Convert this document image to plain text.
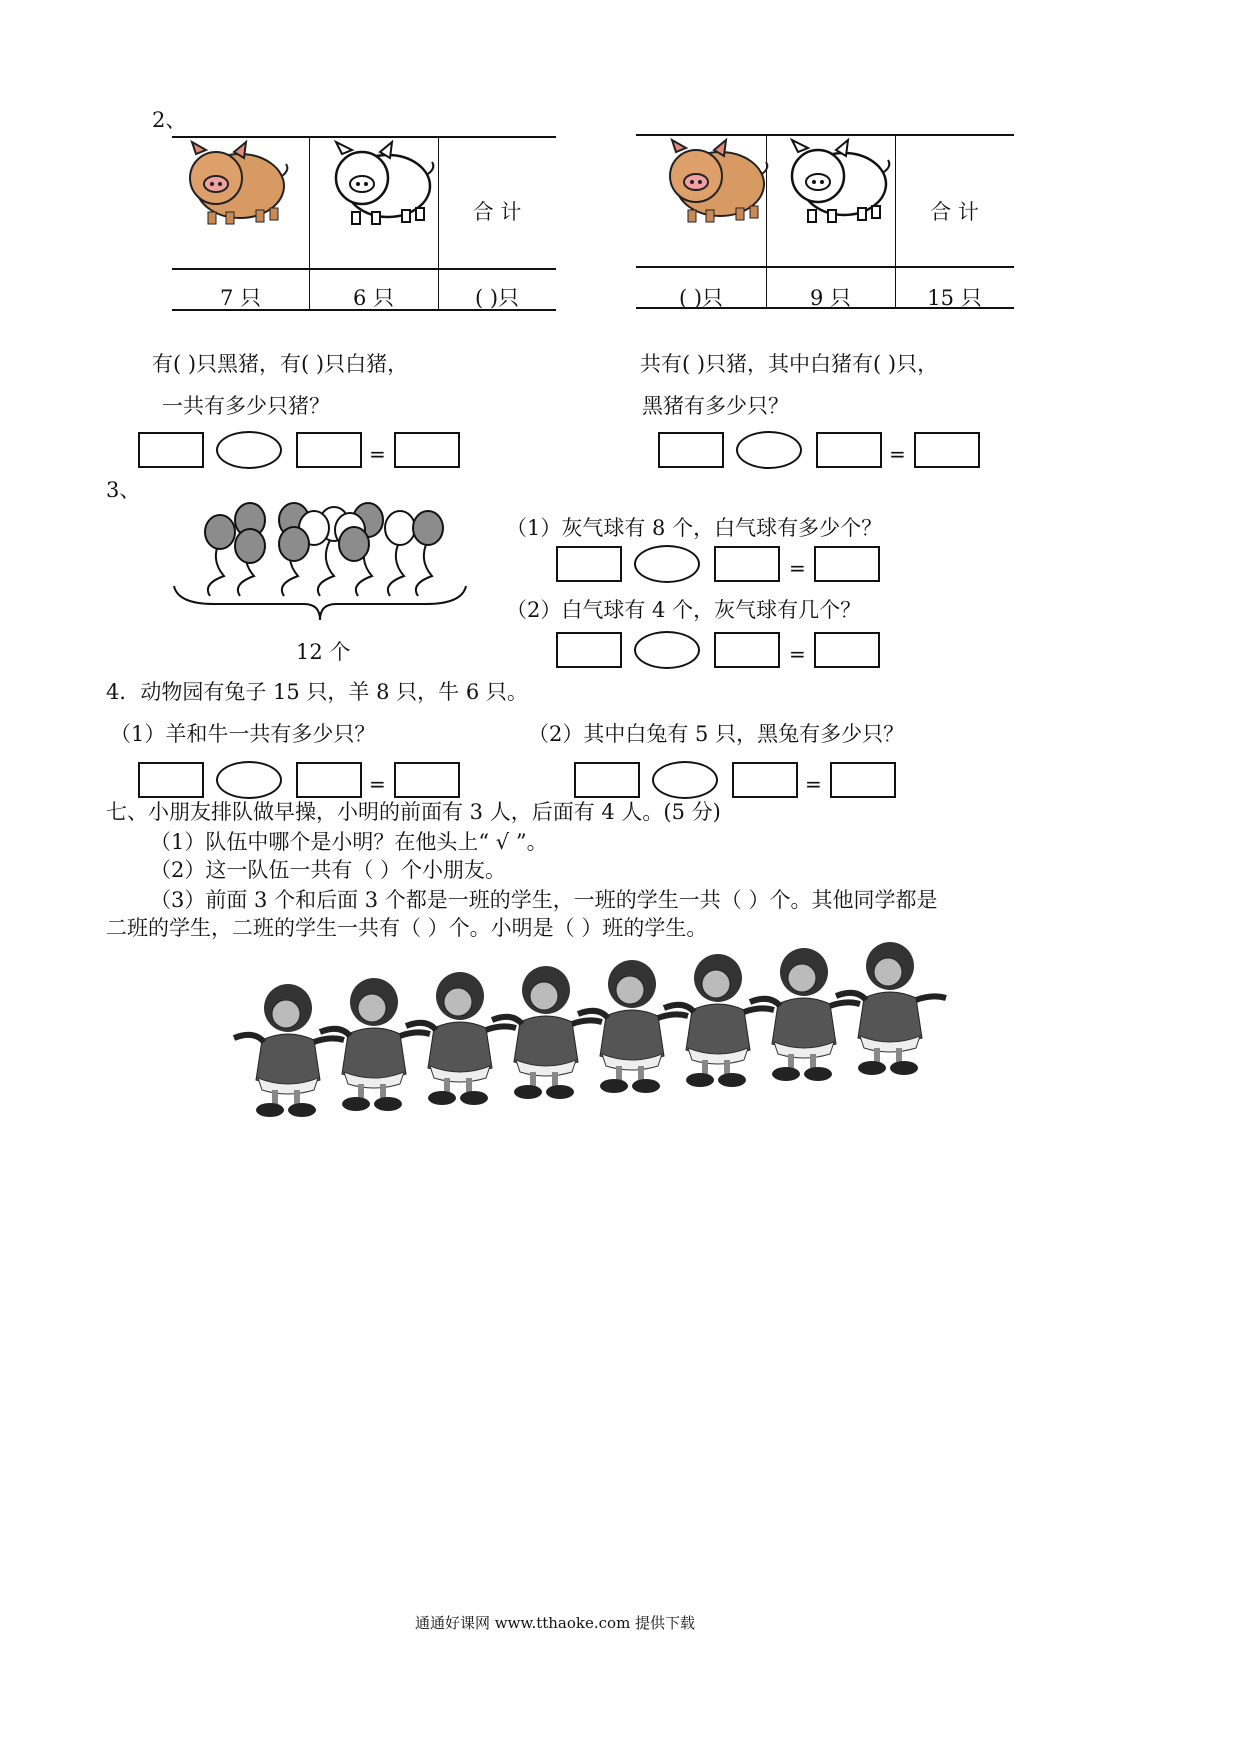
2、
合 计
7 只	6 只	( )只
合 计
( )只	9 只	15 只
有( )只黑猪，有( )只白猪，
一共有多少只猪？
共有( )只猪，其中白猪有( )只，
黑猪有多少只？
=	=
3、
12 个
（1）灰气球有 8 个，白气球有多少个？
=
（2）白气球有 4 个，灰气球有几个？
=
4．动物园有兔子 15 只，羊 8 只，牛 6 只。
（1）羊和牛一共有多少只？	（2）其中白兔有 5 只，黑兔有多少只？
=	=
七、小朋友排队做早操，小明的前面有 3 人，后面有 4 人。(5 分)
（1）队伍中哪个是小明？在他头上“ √ ”。
（2）这一队伍一共有（ ）个小朋友。
（3）前面 3 个和后面 3 个都是一班的学生，一班的学生一共（ ）个。其他同学都是
二班的学生，二班的学生一共有（ ）个。小明是（ ）班的学生。
通通好课网 www.tthaoke.com 提供下载
